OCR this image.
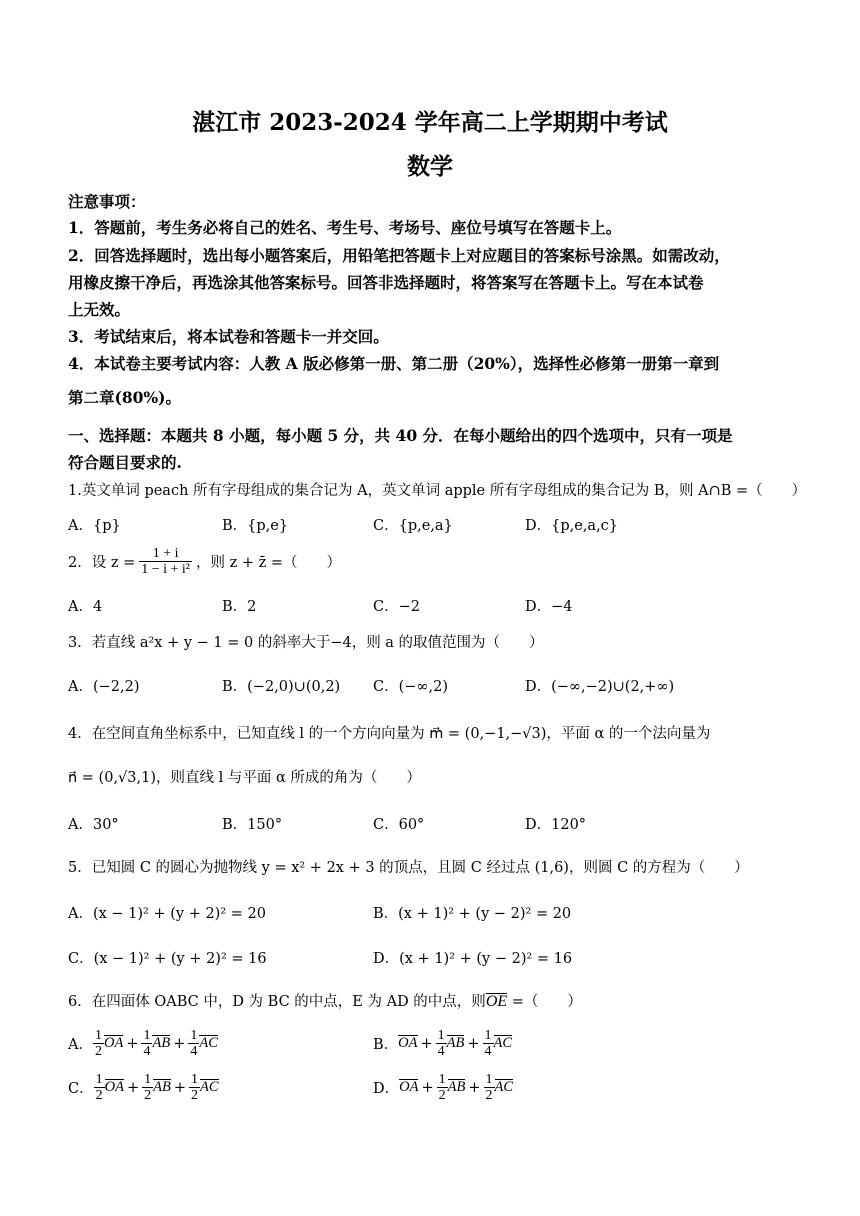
湛江市 2023-2024 学年高二上学期期中考试
数学
注意事项：
1．答题前，考生务必将自己的姓名、考生号、考场号、座位号填写在答题卡上。
2．回答选择题时，选出每小题答案后，用铅笔把答题卡上对应题目的答案标号涂黑。如需改动，
用橡皮擦干净后，再选涂其他答案标号。回答非选择题时，将答案写在答题卡上。写在本试卷
上无效。
3．考试结束后，将本试卷和答题卡一并交回。
4．本试卷主要考试内容：人教 A 版必修第一册、第二册（20%），选择性必修第一册第一章到
第二章(80%)。
一、选择题：本题共 8 小题，每小题 5 分，共 40 分．在每小题给出的四个选项中，只有一项是
符合题目要求的.
1.英文单词 peach 所有字母组成的集合记为 A，英文单词 apple 所有字母组成的集合记为 B，则 A∩B =（　　）
A．{p}	B．{p,e}	C．{p,e,a}	D．{p,e,a,c}
2．设 $z = \frac{1 + i}{\text{1 − i + i²}}$ ，则 z + z̄ =（　　）
A．4	B．2	C．−2	D．−4
3．若直线 a²x + y − 1 = 0 的斜率大于−4，则 a 的取值范围为（　　）
A．(−2,2)	B．(−2,0)∪(0,2) C．(−∞,2)	D．(−∞,−2)∪(2,+∞)
4．在空间直角坐标系中，已知直线 l 的一个方向向量为 m⃗ = (0,−1,−√3)，平面 α 的一个法向量为
n⃗ = (0,√3,1)，则直线 l 与平面 α 所成的角为（　　）
A．30°	B．150°	C．60°	D．120°
5．已知圆 C 的圆心为抛物线 y = x² + 2x + 3 的顶点，且圆 C 经过点 (1,6)，则圆 C 的方程为（　　）
A．(x − 1)² + (y + 2)² = 20	B．(x + 1)² + (y − 2)² = 20
C．(x − 1)² + (y + 2)² = 16	D．(x + 1)² + (y − 2)² = 16
6．在四面体 OABC 中，D 为 BC 的中点，E 为 AD 的中点，则OE =（　　）
A． $\frac{1}{2}$ OA + $\frac{1}{4}$ AB + $\frac{1}{4}$ AC	B． OA + $\frac{1}{4}$ AB + $\frac{1}{4}$ AC
C． $\frac{1}{2}$ OA + $\frac{1}{2}$ AB + $\frac{1}{2}$ AC	D． OA + $\frac{1}{2}$ AB + $\frac{1}{2}$ AC
